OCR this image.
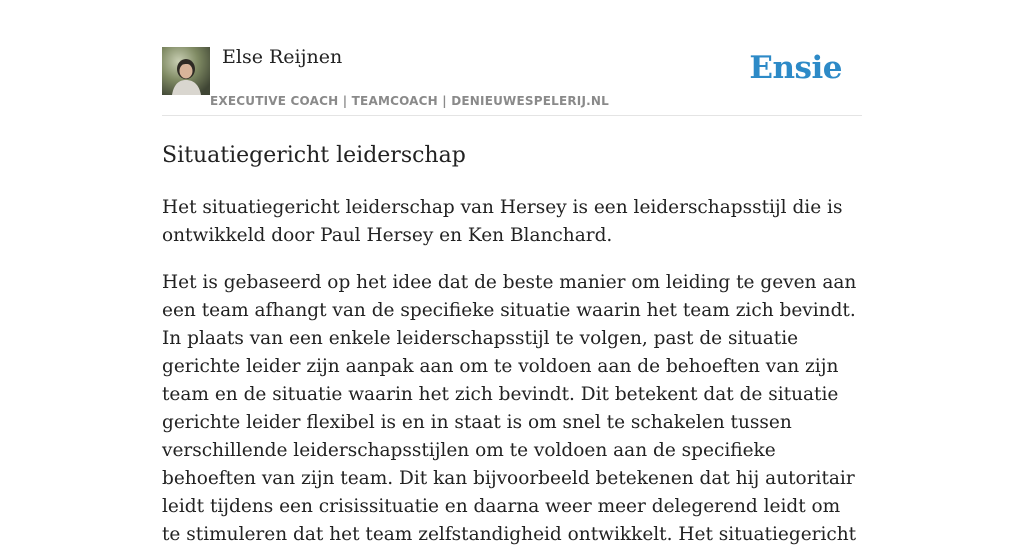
Else Reijnen
EXECUTIVE COACH | TEAMCOACH | DENIEUWESPELERIJ.NL
Ensie
Situatiegericht leiderschap

Het situatiegericht leiderschap van Hersey is een leiderschapsstijl die is ontwikkeld door Paul Hersey en Ken Blanchard.

Het is gebaseerd op het idee dat de beste manier om leiding te geven aan een team afhangt van de specifieke situatie waarin het team zich bevindt. In plaats van een enkele leiderschapsstijl te volgen, past de situatie gerichte leider zijn aanpak aan om te voldoen aan de behoeften van zijn team en de situatie waarin het zich bevindt. Dit betekent dat de situatie gerichte leider flexibel is en in staat is om snel te schakelen tussen verschillende leiderschapsstijlen om te voldoen aan de specifieke behoeften van zijn team. Dit kan bijvoorbeeld betekenen dat hij autoritair leidt tijdens een crisissituatie en daarna weer meer delegerend leidt om te stimuleren dat het team zelfstandigheid ontwikkelt. Het situatiegericht
